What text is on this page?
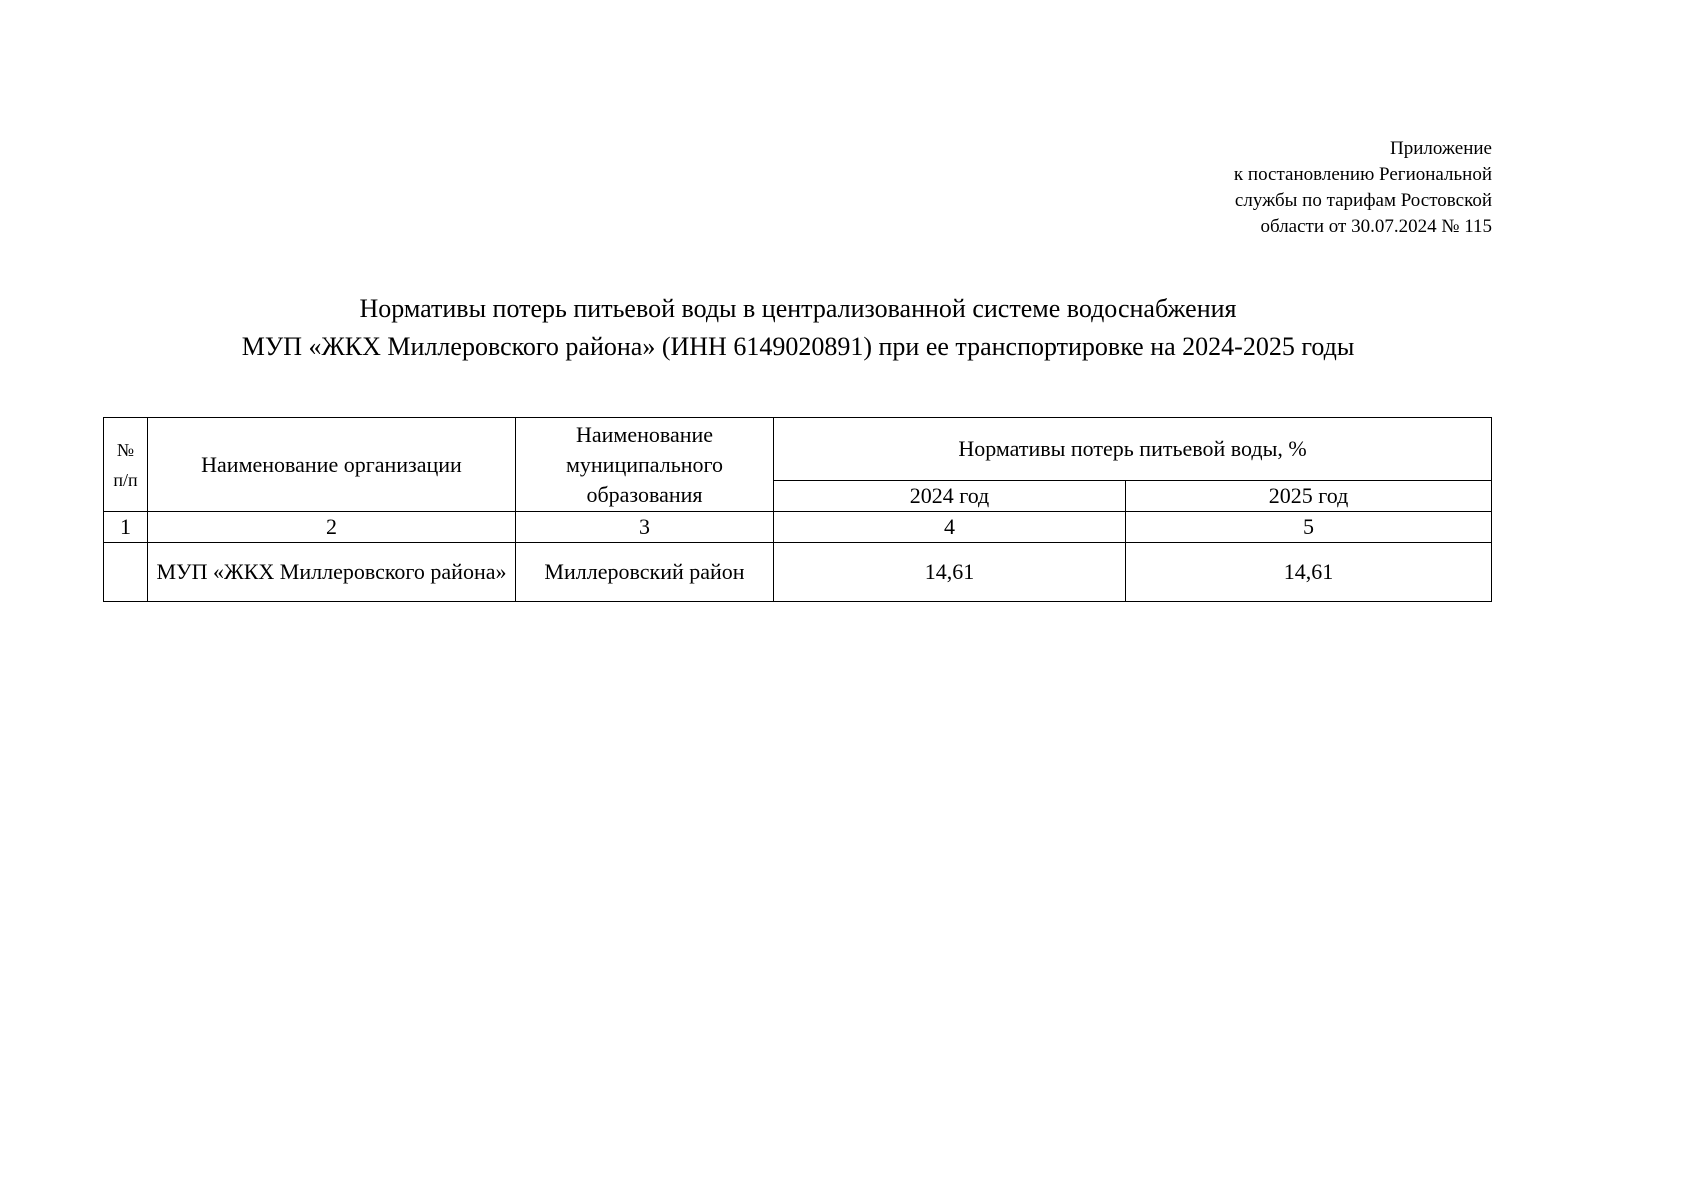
Приложение
к постановлению Региональной
службы по тарифам Ростовской
области от 30.07.2024 № 115
Нормативы потерь питьевой воды в централизованной системе водоснабжения
МУП «ЖКХ Миллеровского района» (ИНН 6149020891) при ее транспортировке на 2024-2025 годы
№
п/п	Наименование организации	Наименование муниципального образования	Нормативы потерь питьевой воды, %	
			2024 год	2025 год
1	2	3	4	5
	МУП «ЖКХ Миллеровского района»	Миллеровский район	14,61	14,61
